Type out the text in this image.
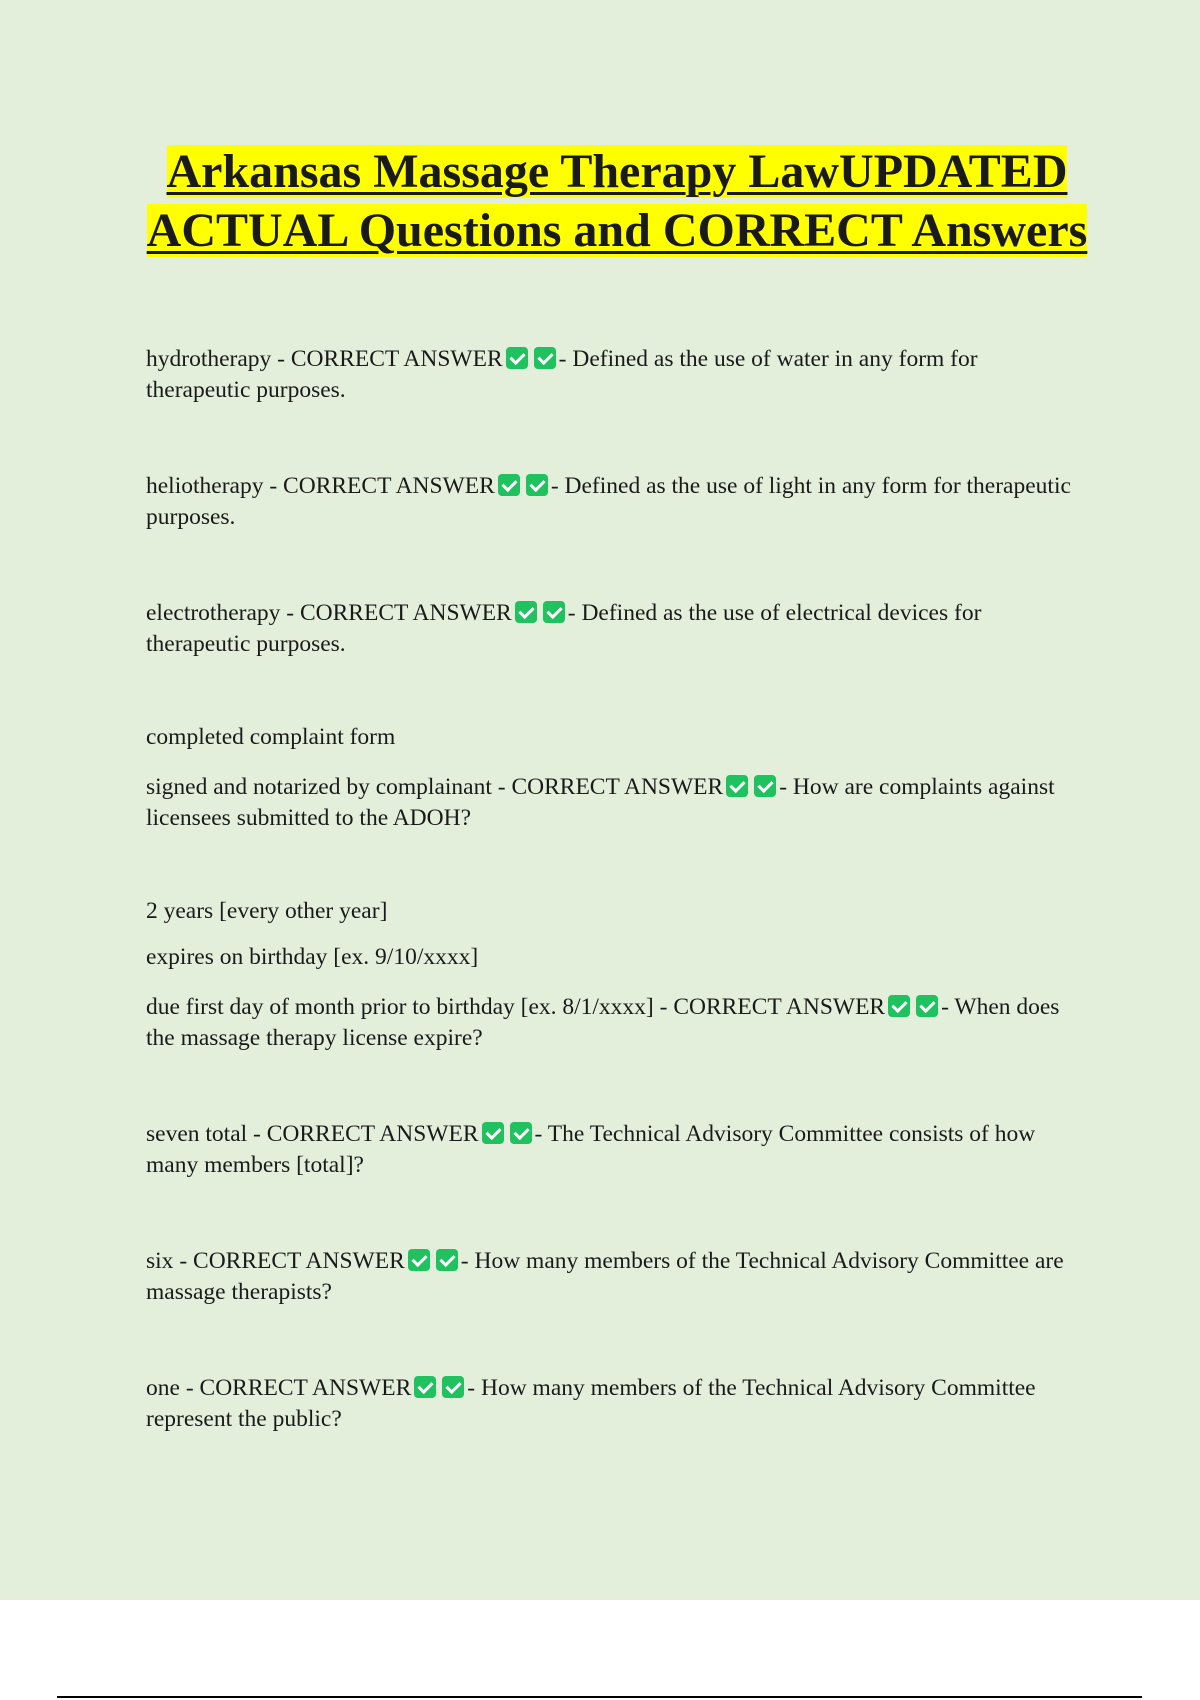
Arkansas Massage Therapy LawUPDATED ACTUAL Questions and CORRECT Answers

hydrotherapy - CORRECT ANSWER - Defined as the use of water in any form for therapeutic purposes.

heliotherapy - CORRECT ANSWER - Defined as the use of light in any form for therapeutic purposes.

electrotherapy - CORRECT ANSWER - Defined as the use of electrical devices for therapeutic purposes.

completed complaint form

signed and notarized by complainant - CORRECT ANSWER - How are complaints against licensees submitted to the ADOH?

2 years [every other year]

expires on birthday [ex. 9/10/xxxx]

due first day of month prior to birthday [ex. 8/1/xxxx] - CORRECT ANSWER - When does the massage therapy license expire?

seven total - CORRECT ANSWER - The Technical Advisory Committee consists of how many members [total]?

six - CORRECT ANSWER - How many members of the Technical Advisory Committee are massage therapists?

one - CORRECT ANSWER - How many members of the Technical Advisory Committee represent the public?
